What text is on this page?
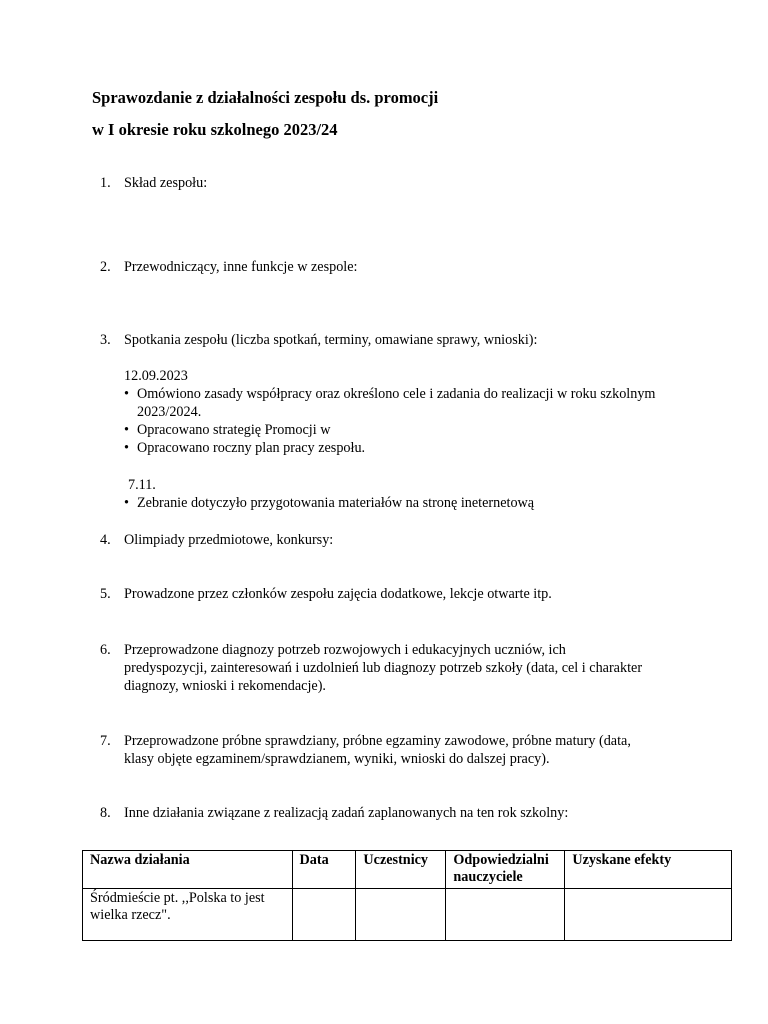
Sprawozdanie z działalności zespołu ds. promocji
w I okresie roku szkolnego 2023/24
1. Skład zespołu:
2. Przewodniczący, inne funkcje w zespole:
3. Spotkania zespołu (liczba spotkań, terminy, omawiane sprawy, wnioski):
12.09.2023
• Omówiono zasady współpracy oraz określono cele i zadania do realizacji w roku szkolnym 2023/2024.
• Opracowano strategię Promocji w
• Opracowano roczny plan pracy zespołu.
7.11.
• Zebranie dotyczyło przygotowania materiałów na stronę ineternetową
4. Olimpiady przedmiotowe, konkursy:
5. Prowadzone przez członków zespołu zajęcia dodatkowe, lekcje otwarte itp.
6. Przeprowadzone diagnozy potrzeb rozwojowych i edukacyjnych uczniów, ich predyspozycji, zainteresowań i uzdolnień lub diagnozy potrzeb szkoły (data, cel i charakter diagnozy, wnioski i rekomendacje).
7. Przeprowadzone próbne sprawdziany, próbne egzaminy zawodowe, próbne matury (data, klasy objęte egzaminem/sprawdzianem, wyniki, wnioski do dalszej pracy).
8. Inne działania związane z realizacją zadań zaplanowanych na ten rok szkolny:
Nazwa działania	Data	Uczestnicy	Odpowiedzialni nauczyciele	Uzyskane efekty
Śródmieście pt. ,,Polska to jest wielka rzecz".				
